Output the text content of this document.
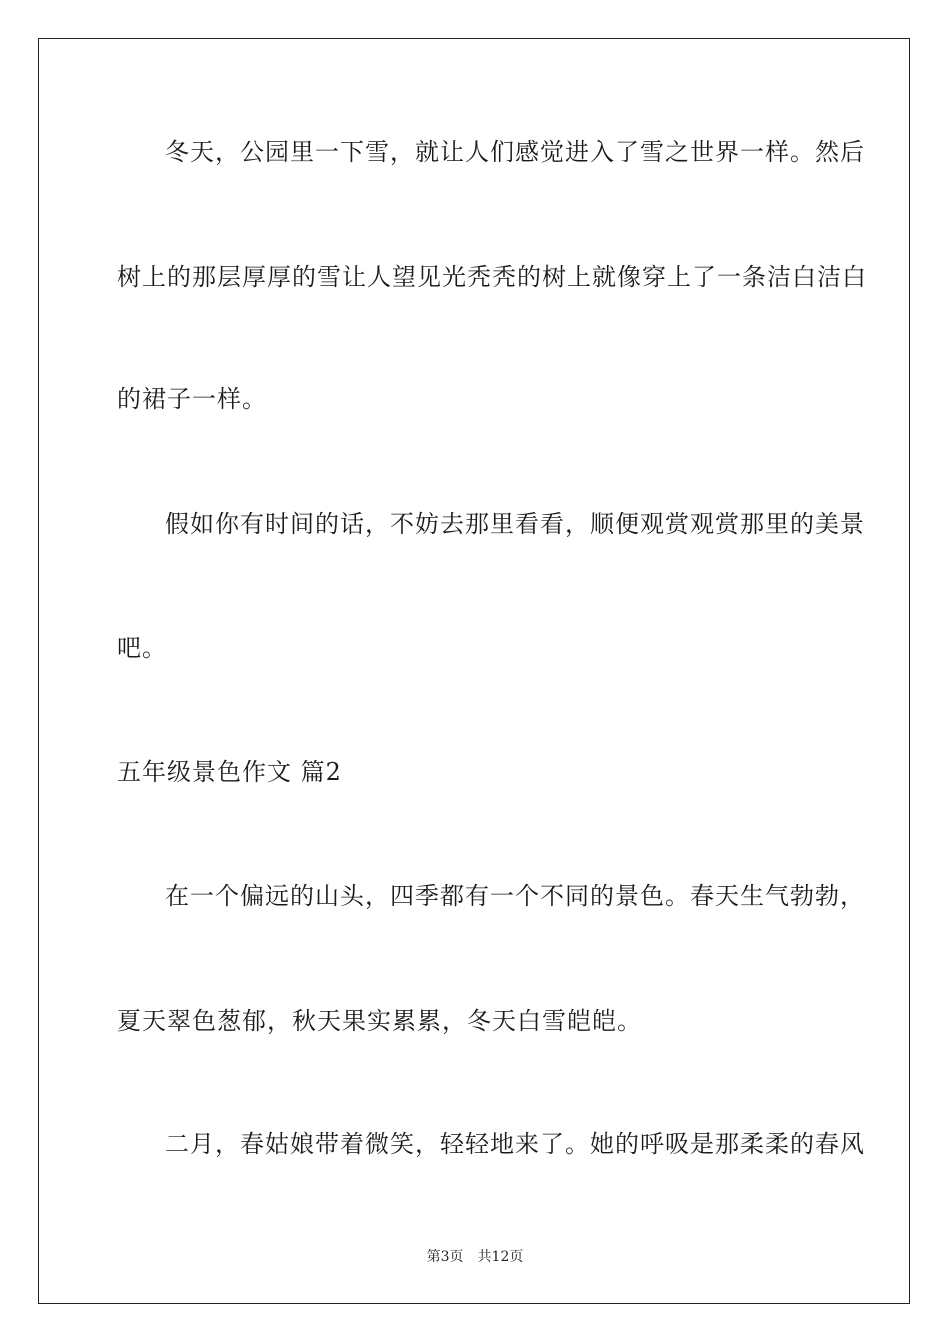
冬天，公园里一下雪，就让人们感觉进入了雪之世界一样。然后
树上的那层厚厚的雪让人望见光秃秃的树上就像穿上了一条洁白洁白
的裙子一样。
假如你有时间的话，不妨去那里看看，顺便观赏观赏那里的美景
吧。
五年级景色作文 篇2
在一个偏远的山头，四季都有一个不同的景色。春天生气勃勃，
夏天翠色葱郁，秋天果实累累，冬天白雪皑皑。
二月，春姑娘带着微笑，轻轻地来了。她的呼吸是那柔柔的春风
第3页 共12页
